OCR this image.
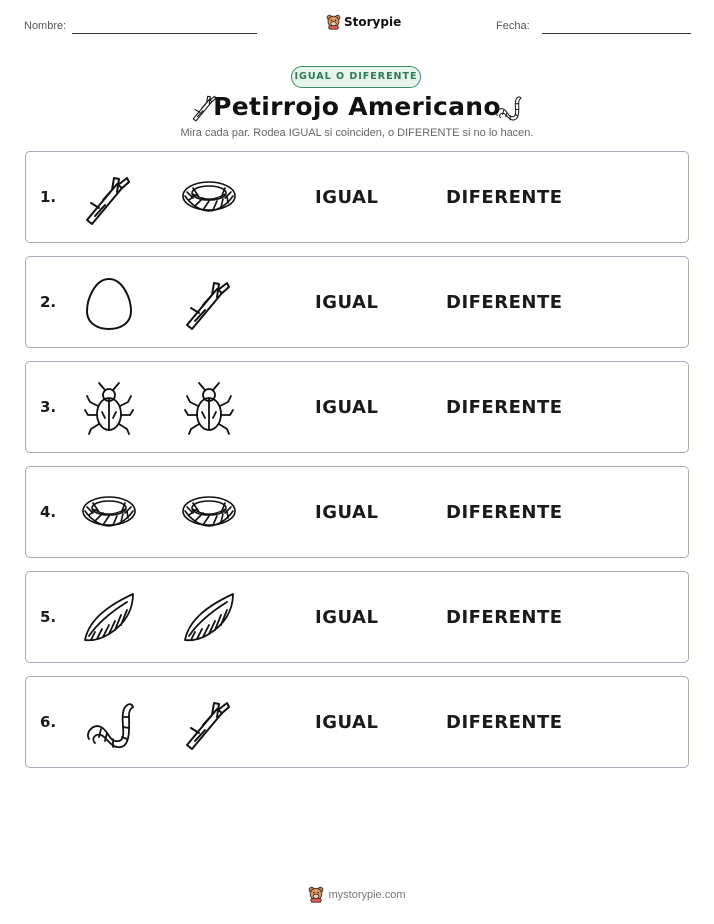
Nombre:	Storypie	Fecha:
IGUAL O DIFERENTE
Petirrojo Americano
Mira cada par. Rodea IGUAL si coinciden, o DIFERENTE si no lo hacen.
1.	IGUAL	DIFERENTE
2.	IGUAL	DIFERENTE
3.	IGUAL	DIFERENTE
4.	IGUAL	DIFERENTE
5.	IGUAL	DIFERENTE
6.	IGUAL	DIFERENTE
mystorypie.com
